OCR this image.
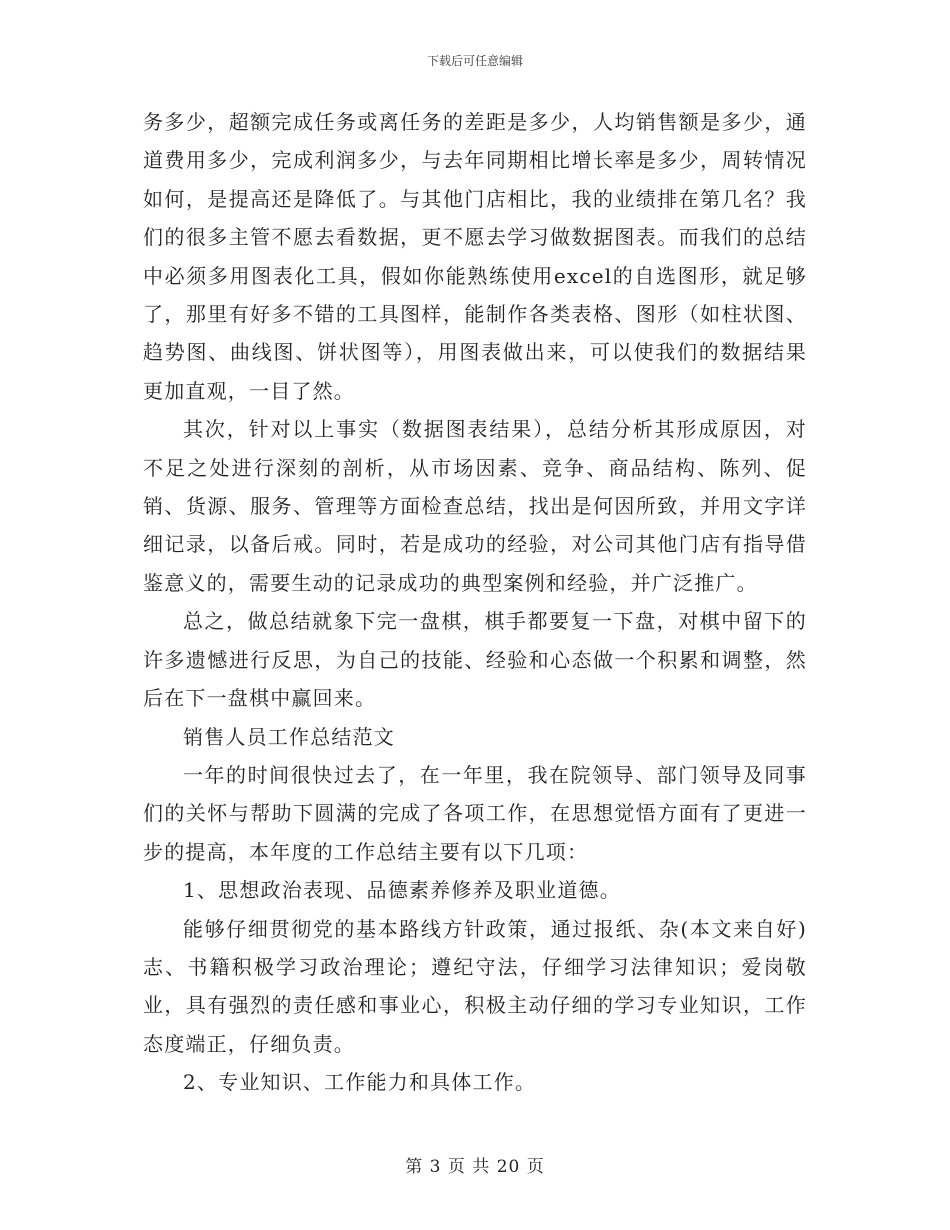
下载后可任意编辑

务多少，超额完成任务或离任务的差距是多少，人均销售额是多少，通道费用多少，完成利润多少，与去年同期相比增长率是多少，周转情况如何，是提高还是降低了。与其他门店相比，我的业绩排在第几名？我们的很多主管不愿去看数据，更不愿去学习做数据图表。而我们的总结中必须多用图表化工具，假如你能熟练使用excel的自选图形，就足够了，那里有好多不错的工具图样，能制作各类表格、图形（如柱状图、趋势图、曲线图、饼状图等），用图表做出来，可以使我们的数据结果更加直观，一目了然。

其次，针对以上事实（数据图表结果），总结分析其形成原因，对不足之处进行深刻的剖析，从市场因素、竞争、商品结构、陈列、促销、货源、服务、管理等方面检查总结，找出是何因所致，并用文字详细记录，以备后戒。同时，若是成功的经验，对公司其他门店有指导借鉴意义的，需要生动的记录成功的典型案例和经验，并广泛推广。

总之，做总结就象下完一盘棋，棋手都要复一下盘，对棋中留下的许多遗憾进行反思，为自己的技能、经验和心态做一个积累和调整，然后在下一盘棋中赢回来。

销售人员工作总结范文

一年的时间很快过去了，在一年里，我在院领导、部门领导及同事们的关怀与帮助下圆满的完成了各项工作，在思想觉悟方面有了更进一步的提高，本年度的工作总结主要有以下几项：

1、思想政治表现、品德素养修养及职业道德。

能够仔细贯彻党的基本路线方针政策，通过报纸、杂(本文来自好)志、书籍积极学习政治理论；遵纪守法，仔细学习法律知识；爱岗敬业，具有强烈的责任感和事业心，积极主动仔细的学习专业知识，工作态度端正，仔细负责。

2、专业知识、工作能力和具体工作。

第 3 页 共 20 页
